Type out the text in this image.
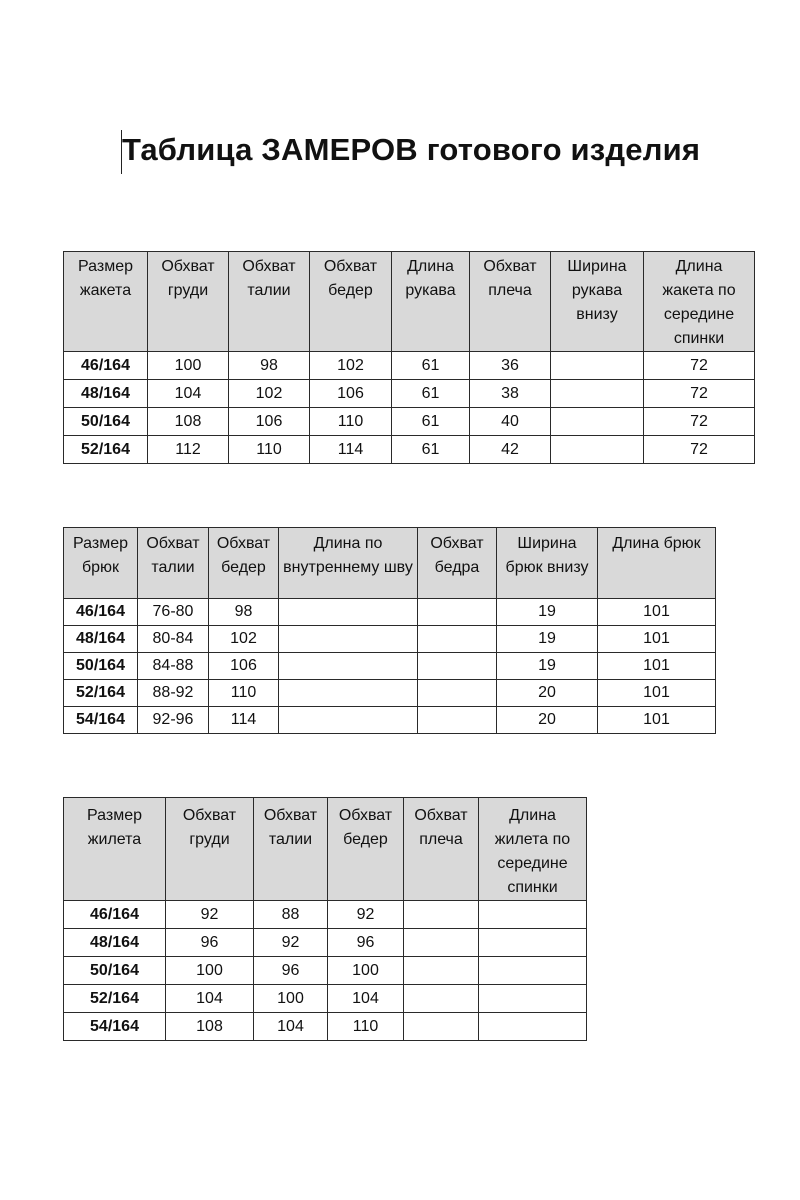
Таблица ЗАМЕРОВ готового изделия
Размер жакета	Обхват груди	Обхват талии	Обхват бедер	Длина рукава	Обхват плеча	Ширина рукава внизу	Длина жакета по середине спинки
46/164	100	98	102	61	36		72
48/164	104	102	106	61	38		72
50/164	108	106	110	61	40		72
52/164	112	110	114	61	42		72
Размер брюк	Обхват талии	Обхват бедер	Длина по внутреннему шву	Обхват бедра	Ширина брюк внизу	Длина брюк
46/164	76-80	98			19	101
48/164	80-84	102			19	101
50/164	84-88	106			19	101
52/164	88-92	110			20	101
54/164	92-96	114			20	101
Размер жилета	Обхват груди	Обхват талии	Обхват бедер	Обхват плеча	Длина жилета по середине спинки
46/164	92	88	92		
48/164	96	92	96		
50/164	100	96	100		
52/164	104	100	104		
54/164	108	104	110		
